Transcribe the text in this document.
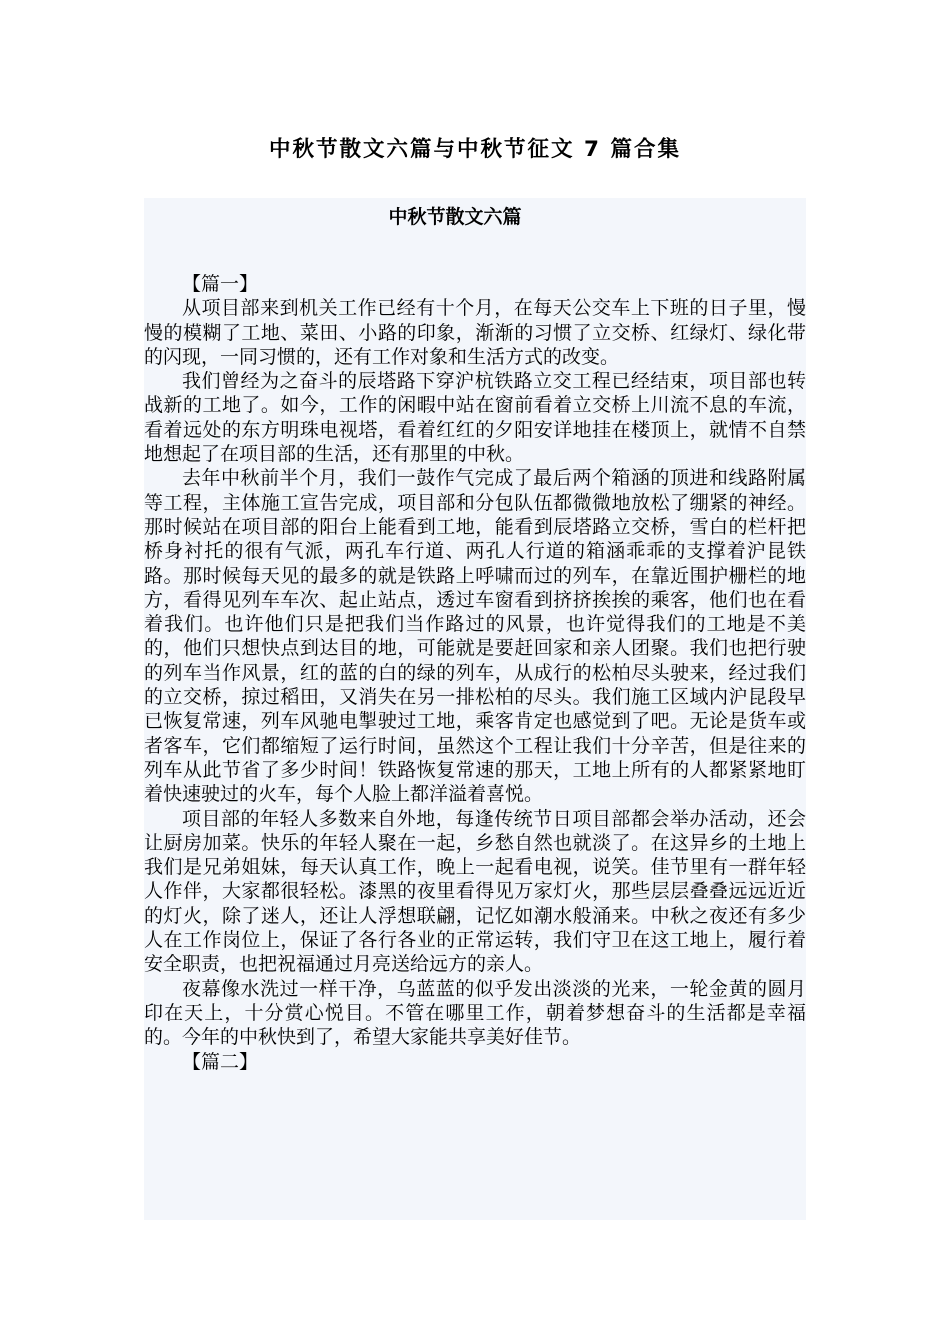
中秋节散文六篇与中秋节征文 7 篇合集
中秋节散文六篇

【篇一】

从项目部来到机关工作已经有十个月，在每天公交车上下班的日子里，慢慢的模糊了工地、菜田、小路的印象，渐渐的习惯了立交桥、红绿灯、绿化带的闪现，一同习惯的，还有工作对象和生活方式的改变。

我们曾经为之奋斗的辰塔路下穿沪杭铁路立交工程已经结束，项目部也转战新的工地了。如今，工作的闲暇中站在窗前看着立交桥上川流不息的车流，看着远处的东方明珠电视塔，看着红红的夕阳安详地挂在楼顶上，就情不自禁地想起了在项目部的生活，还有那里的中秋。

去年中秋前半个月，我们一鼓作气完成了最后两个箱涵的顶进和线路附属等工程，主体施工宣告完成，项目部和分包队伍都微微地放松了绷紧的神经。那时候站在项目部的阳台上能看到工地，能看到辰塔路立交桥，雪白的栏杆把桥身衬托的很有气派，两孔车行道、两孔人行道的箱涵乖乖的支撑着沪昆铁路。那时候每天见的最多的就是铁路上呼啸而过的列车，在靠近围护栅栏的地方，看得见列车车次、起止站点，透过车窗看到挤挤挨挨的乘客，他们也在看着我们。也许他们只是把我们当作路过的风景，也许觉得我们的工地是不美的，他们只想快点到达目的地，可能就是要赶回家和亲人团聚。我们也把行驶的列车当作风景，红的蓝的白的绿的列车，从成行的松柏尽头驶来，经过我们的立交桥，掠过稻田，又消失在另一排松柏的尽头。我们施工区域内沪昆段早已恢复常速，列车风驰电掣驶过工地，乘客肯定也感觉到了吧。无论是货车或者客车，它们都缩短了运行时间，虽然这个工程让我们十分辛苦，但是往来的列车从此节省了多少时间！铁路恢复常速的那天，工地上所有的人都紧紧地盯着快速驶过的火车，每个人脸上都洋溢着喜悦。

项目部的年轻人多数来自外地，每逢传统节日项目部都会举办活动，还会让厨房加菜。快乐的年轻人聚在一起，乡愁自然也就淡了。在这异乡的土地上我们是兄弟姐妹，每天认真工作，晚上一起看电视，说笑。佳节里有一群年轻人作伴，大家都很轻松。漆黑的夜里看得见万家灯火，那些层层叠叠远远近近的灯火，除了迷人，还让人浮想联翩，记忆如潮水般涌来。中秋之夜还有多少人在工作岗位上，保证了各行各业的正常运转，我们守卫在这工地上，履行着安全职责，也把祝福通过月亮送给远方的亲人。

夜幕像水洗过一样干净，乌蓝蓝的似乎发出淡淡的光来，一轮金黄的圆月印在天上，十分赏心悦目。不管在哪里工作，朝着梦想奋斗的生活都是幸福的。今年的中秋快到了，希望大家能共享美好佳节。

【篇二】
